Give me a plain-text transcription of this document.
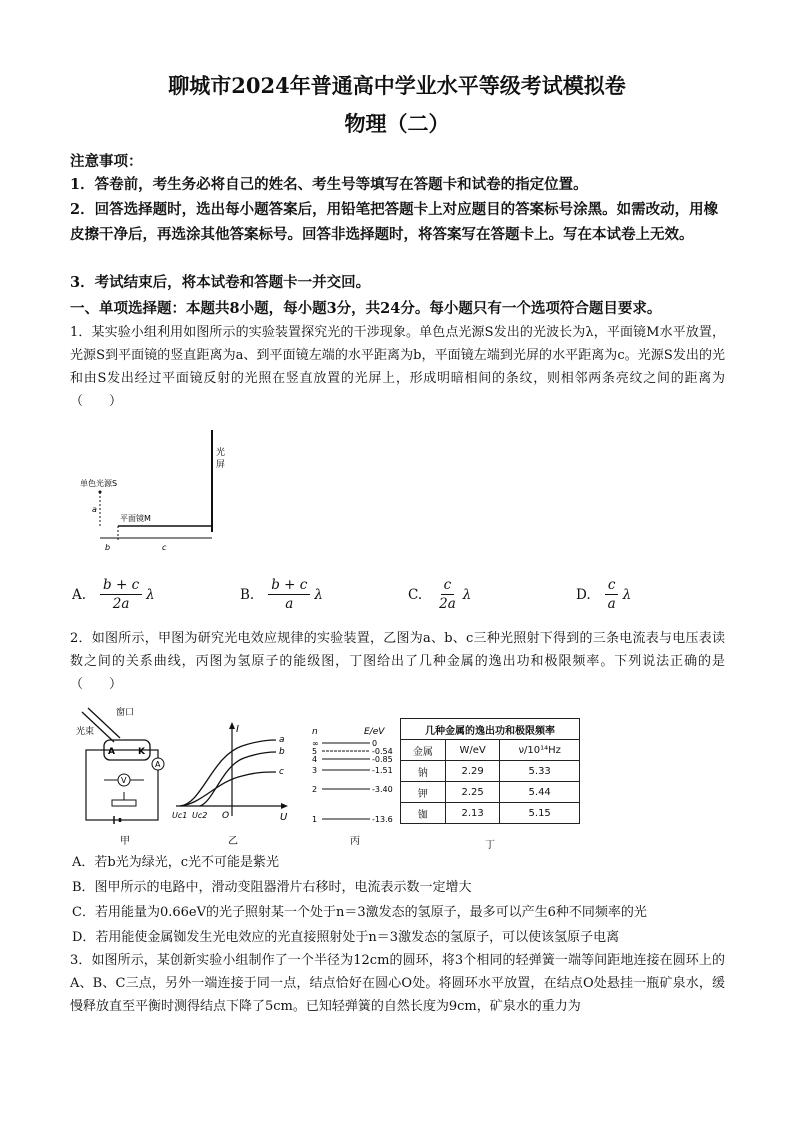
聊城市2024年普通高中学业水平等级考试模拟卷
物理（二）
注意事项：
1．答卷前，考生务必将自己的姓名、考生号等填写在答题卡和试卷的指定位置。
2．回答选择题时，选出每小题答案后，用铅笔把答题卡上对应题目的答案标号涂黑。如需改动，用橡皮擦干净后，再选涂其他答案标号。回答非选择题时，将答案写在答题卡上。写在本试卷上无效。
3．考试结束后，将本试卷和答题卡一并交回。
一、单项选择题：本题共8小题，每小题3分，共24分。每小题只有一个选项符合题目要求。
1．某实验小组利用如图所示的实验装置探究光的干涉现象。单色点光源S发出的光波长为λ，平面镜M水平放置，光源S到平面镜的竖直距离为a、到平面镜左端的水平距离为b，平面镜左端到光屏的水平距离为c。光源S发出的光和由S发出经过平面镜反射的光照在竖直放置的光屏上，形成明暗相间的条纹，则相邻两条亮纹之间的距离为（　　）
光
屏
单色光源S
a
平面镜M
b	c
A. $\frac{b + c}{2a}$ λ	B. $\frac{b + c}{a}$ λ	C. $\frac{c}{2a}$ λ	D. $\frac{c}{a}$ λ
2．如图所示，甲图为研究光电效应规律的实验装置，乙图为a、b、c三种光照射下得到的三条电流表与电压表读数之间的关系曲线，丙图为氢原子的能级图，丁图给出了几种金属的逸出功和极限频率。下列说法正确的是（　　）
窗口
光束
A	K
A
V
甲
I
U
O
Uc1 Uc2
a
b
c
乙
n	E/eV
∞	0
5	-0.54
4	-0.85
3	-1.51
2	-3.40
1	-13.6
丙
几种金属的逸出功和极限频率		
金属	W/eV	ν/10¹⁴Hz
钠	2.29	5.33
钾	2.25	5.44
铷	2.13	5.15
丁
A．若b光为绿光，c光不可能是紫光
B．图甲所示的电路中，滑动变阻器滑片右移时，电流表示数一定增大
C．若用能量为0.66eV的光子照射某一个处于n＝3激发态的氢原子，最多可以产生6种不同频率的光
D．若用能使金属铷发生光电效应的光直接照射处于n＝3激发态的氢原子，可以使该氢原子电离
3．如图所示，某创新实验小组制作了一个半径为12cm的圆环，将3个相同的轻弹簧一端等间距地连接在圆环上的A、B、C三点，另外一端连接于同一点，结点恰好在圆心O处。将圆环水平放置，在结点O处悬挂一瓶矿泉水，缓慢释放直至平衡时测得结点下降了5cm。已知轻弹簧的自然长度为9cm，矿泉水的重力为
